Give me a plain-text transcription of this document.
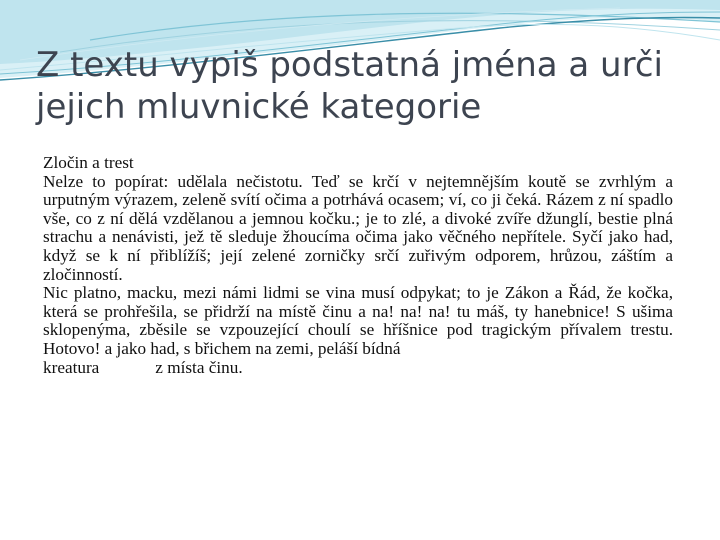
Z textu vypiš podstatná jména a urči jejich mluvnické kategorie

Zločin a trest

Nelze to popírat: udělala nečistotu. Teď se krčí v nejtemnějším koutě se zvrhlým a urputným výrazem, zeleně svítí očima a potrhává ocasem; ví, co ji čeká. Rázem z ní spadlo vše, co z ní dělá vzdělanou a jemnou kočku.; je to zlé, a divoké zvíře džunglí, bestie plná strachu a nenávisti, jež tě sleduje žhoucíma očima jako věčného nepřítele. Syčí jako had, když se k ní přiblížíš; její zelené zorničky srčí zuřivým odporem, hrůzou, záštím a zločinností.

Nic platno, macku, mezi námi lidmi se vina musí odpykat; to je Zákon a Řád, že kočka, která se prohřešila, se přidrží na místě činu a na! na! na! tu máš, ty hanebnice! S ušima sklopenýma, zběsile se vzpouzející choulí se hříšnice pod tragickým přívalem trestu. Hotovo! a jako had, s břichem na zemi, peláší bídná

kreatura	z místa činu.
